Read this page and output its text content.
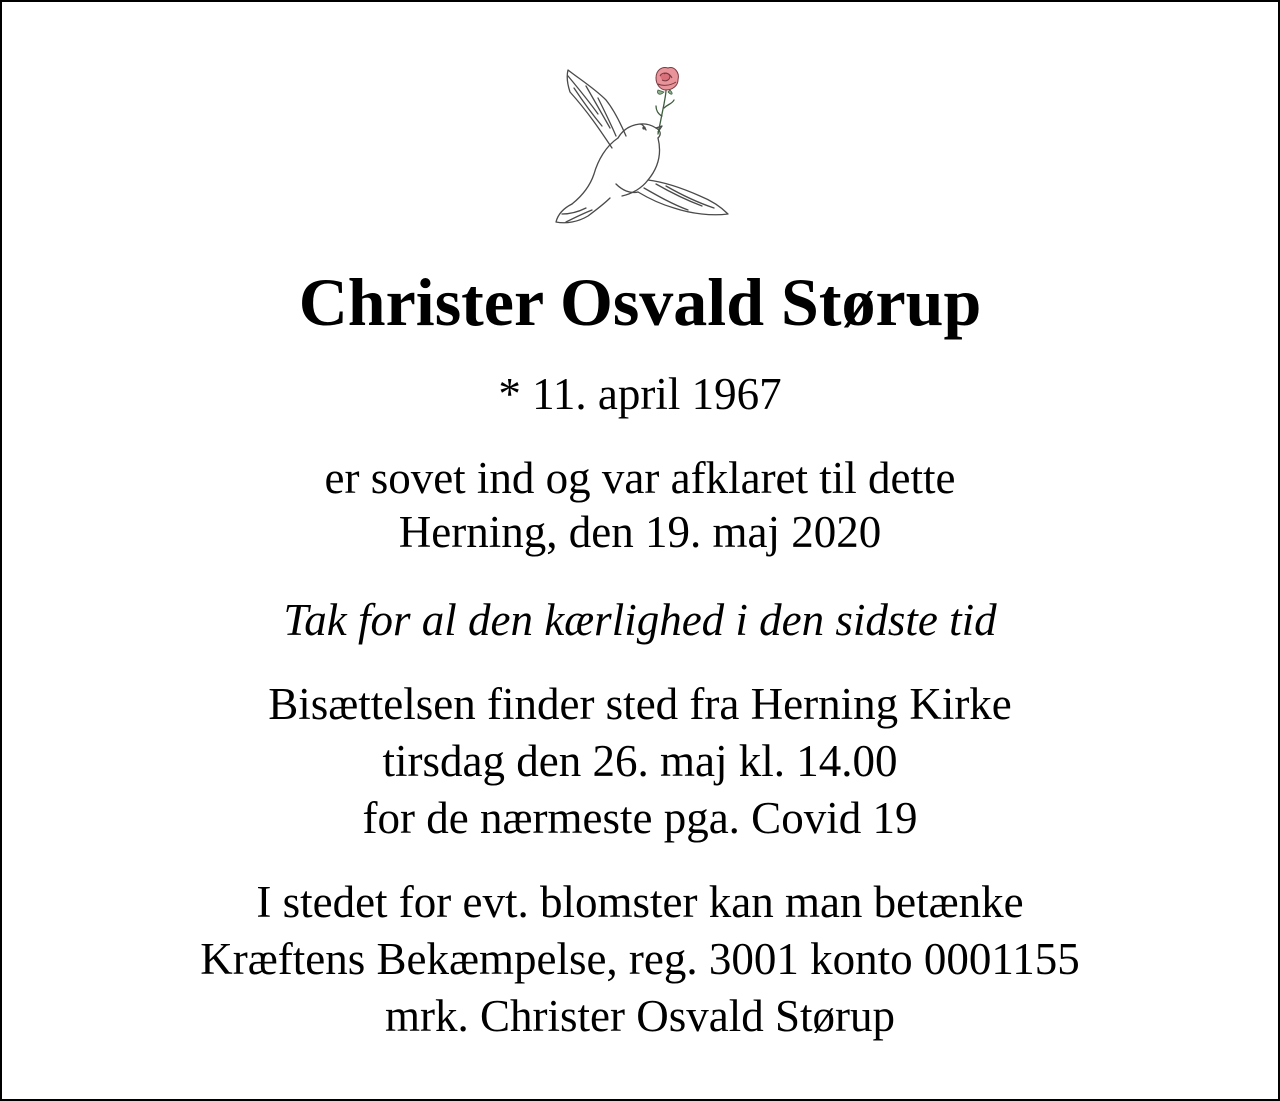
Christer Osvald Størup
* 11. april 1967
er sovet ind og var afklaret til dette
Herning, den 19. maj 2020
Tak for al den kærlighed i den sidste tid
Bisættelsen finder sted fra Herning Kirke
tirsdag den 26. maj kl. 14.00
for de nærmeste pga. Covid 19
I stedet for evt. blomster kan man betænke
Kræftens Bekæmpelse, reg. 3001 konto 0001155
mrk. Christer Osvald Størup
